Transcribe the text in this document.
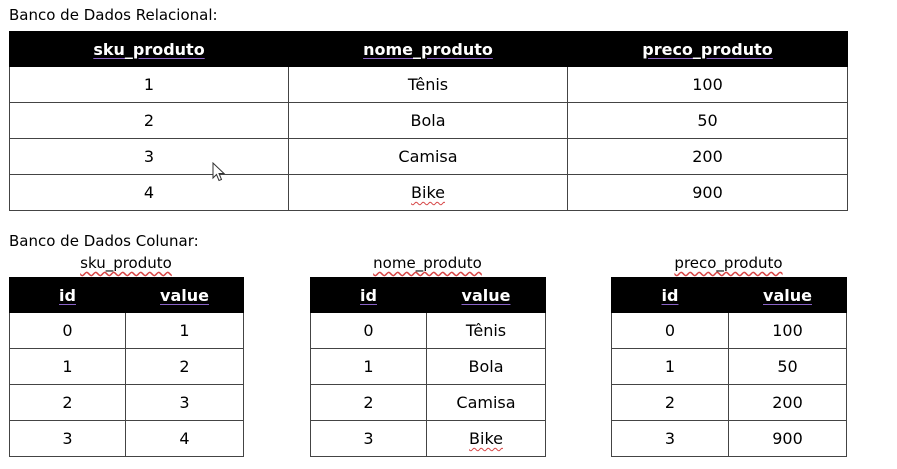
Banco de Dados Relacional:
sku_produto	nome_produto	preco_produto
1	Tênis	100
2	Bola	50
3	Camisa	200
4	Bike	900
Banco de Dados Colunar:
sku_produto
id	value
0	1
1	2
2	3
3	4
nome_produto
id	value
0	Tênis
1	Bola
2	Camisa
3	Bike
preco_produto
id	value
0	100
1	50
2	200
3	900
